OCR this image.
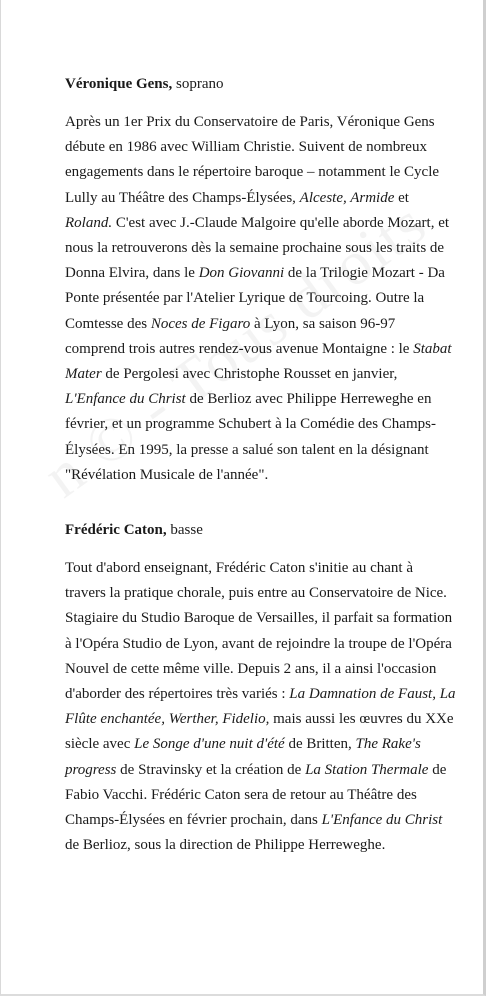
Véronique Gens, soprano

Après un 1er Prix du Conservatoire de Paris, Véronique Gens débute en 1986 avec William Christie. Suivent de nombreux engagements dans le répertoire baroque – notamment le Cycle Lully au Théâtre des Champs-Élysées, Alceste, Armide et Roland. C'est avec J.-Claude Malgoire qu'elle aborde Mozart, et nous la retrouverons dès la semaine prochaine sous les traits de Donna Elvira, dans le Don Giovanni de la Trilogie Mozart - Da Ponte présentée par l'Atelier Lyrique de Tourcoing. Outre la Comtesse des Noces de Figaro à Lyon, sa saison 96-97 comprend trois autres rendez-vous avenue Montaigne : le Stabat Mater de Pergolesi avec Christophe Rousset en janvier, L'Enfance du Christ de Berlioz avec Philippe Herreweghe en février, et un programme Schubert à la Comédie des Champs-Élysées. En 1995, la presse a salué son talent en la désignant "Révélation Musicale de l'année".

Frédéric Caton, basse

Tout d'abord enseignant, Frédéric Caton s'initie au chant à travers la pratique chorale, puis entre au Conservatoire de Nice. Stagiaire du Studio Baroque de Versailles, il parfait sa formation à l'Opéra Studio de Lyon, avant de rejoindre la troupe de l'Opéra Nouvel de cette même ville. Depuis 2 ans, il a ainsi l'occasion d'aborder des répertoires très variés : La Damnation de Faust, La Flûte enchantée, Werther, Fidelio, mais aussi les œuvres du XXe siècle avec Le Songe d'une nuit d'été de Britten, The Rake's progress de Stravinsky et la création de La Station Thermale de Fabio Vacchi. Frédéric Caton sera de retour au Théâtre des Champs-Élysées en février prochain, dans L'Enfance du Christ de Berlioz, sous la direction de Philippe Herreweghe.
